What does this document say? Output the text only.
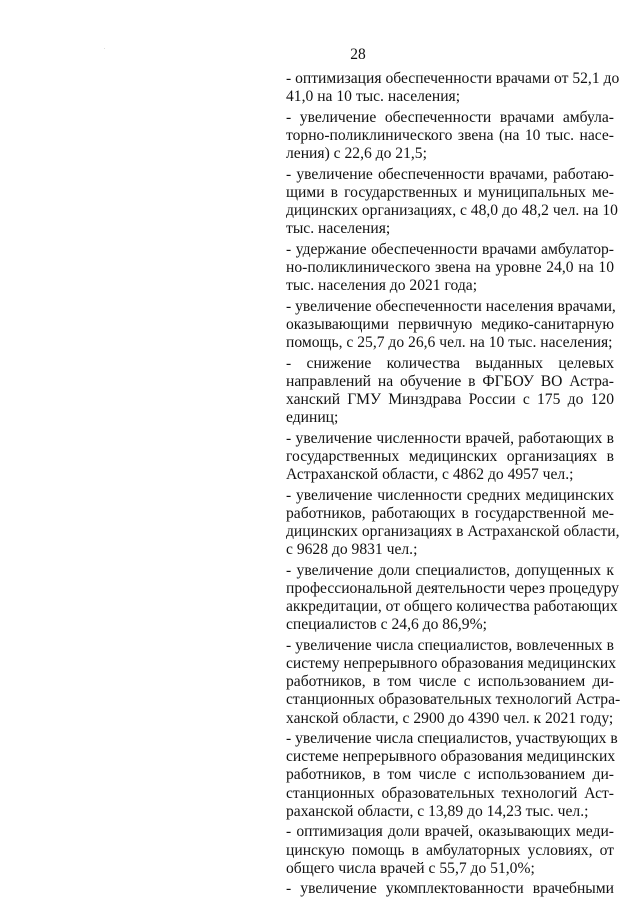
28
- оптимизация обеспеченности врачами от 52,1 до
41,0 на 10 тыс. населения;
- увеличение обеспеченности врачами амбула-
торно-поликлинического звена (на 10 тыс. насе-
ления) с 22,6 до 21,5;
- увеличение обеспеченности врачами, работаю-
щими в государственных и муниципальных ме-
дицинских организациях, с 48,0 до 48,2 чел. на 10
тыс. населения;
- удержание обеспеченности врачами амбулатор-
но-поликлинического звена на уровне 24,0 на 10
тыс. населения до 2021 года;
- увеличение обеспеченности населения врачами,
оказывающими первичную медико-санитарную
помощь, с 25,7 до 26,6 чел. на 10 тыс. населения;
- снижение количества выданных целевых
направлений на обучение в ФГБОУ ВО Астра-
ханский ГМУ Минздрава России с 175 до 120
единиц;
- увеличение численности врачей, работающих в
государственных медицинских организациях в
Астраханской области, с 4862 до 4957 чел.;
- увеличение численности средних медицинских
работников, работающих в государственной ме-
дицинских организациях в Астраханской области,
с 9628 до 9831 чел.;
- увеличение доли специалистов, допущенных к
профессиональной деятельности через процедуру
аккредитации, от общего количества работающих
специалистов с 24,6 до 86,9%;
- увеличение числа специалистов, вовлеченных в
систему непрерывного образования медицинских
работников, в том числе с использованием ди-
станционных образовательных технологий Астра-
ханской области, с 2900 до 4390 чел. к 2021 году;
- увеличение числа специалистов, участвующих в
системе непрерывного образования медицинских
работников, в том числе с использованием ди-
станционных образовательных технологий Аст-
раханской области, с 13,89 до 14,23 тыс. чел.;
- оптимизация доли врачей, оказывающих меди-
цинскую помощь в амбулаторных условиях, от
общего числа врачей с 55,7 до 51,0%;
- увеличение укомплектованности врачебными
